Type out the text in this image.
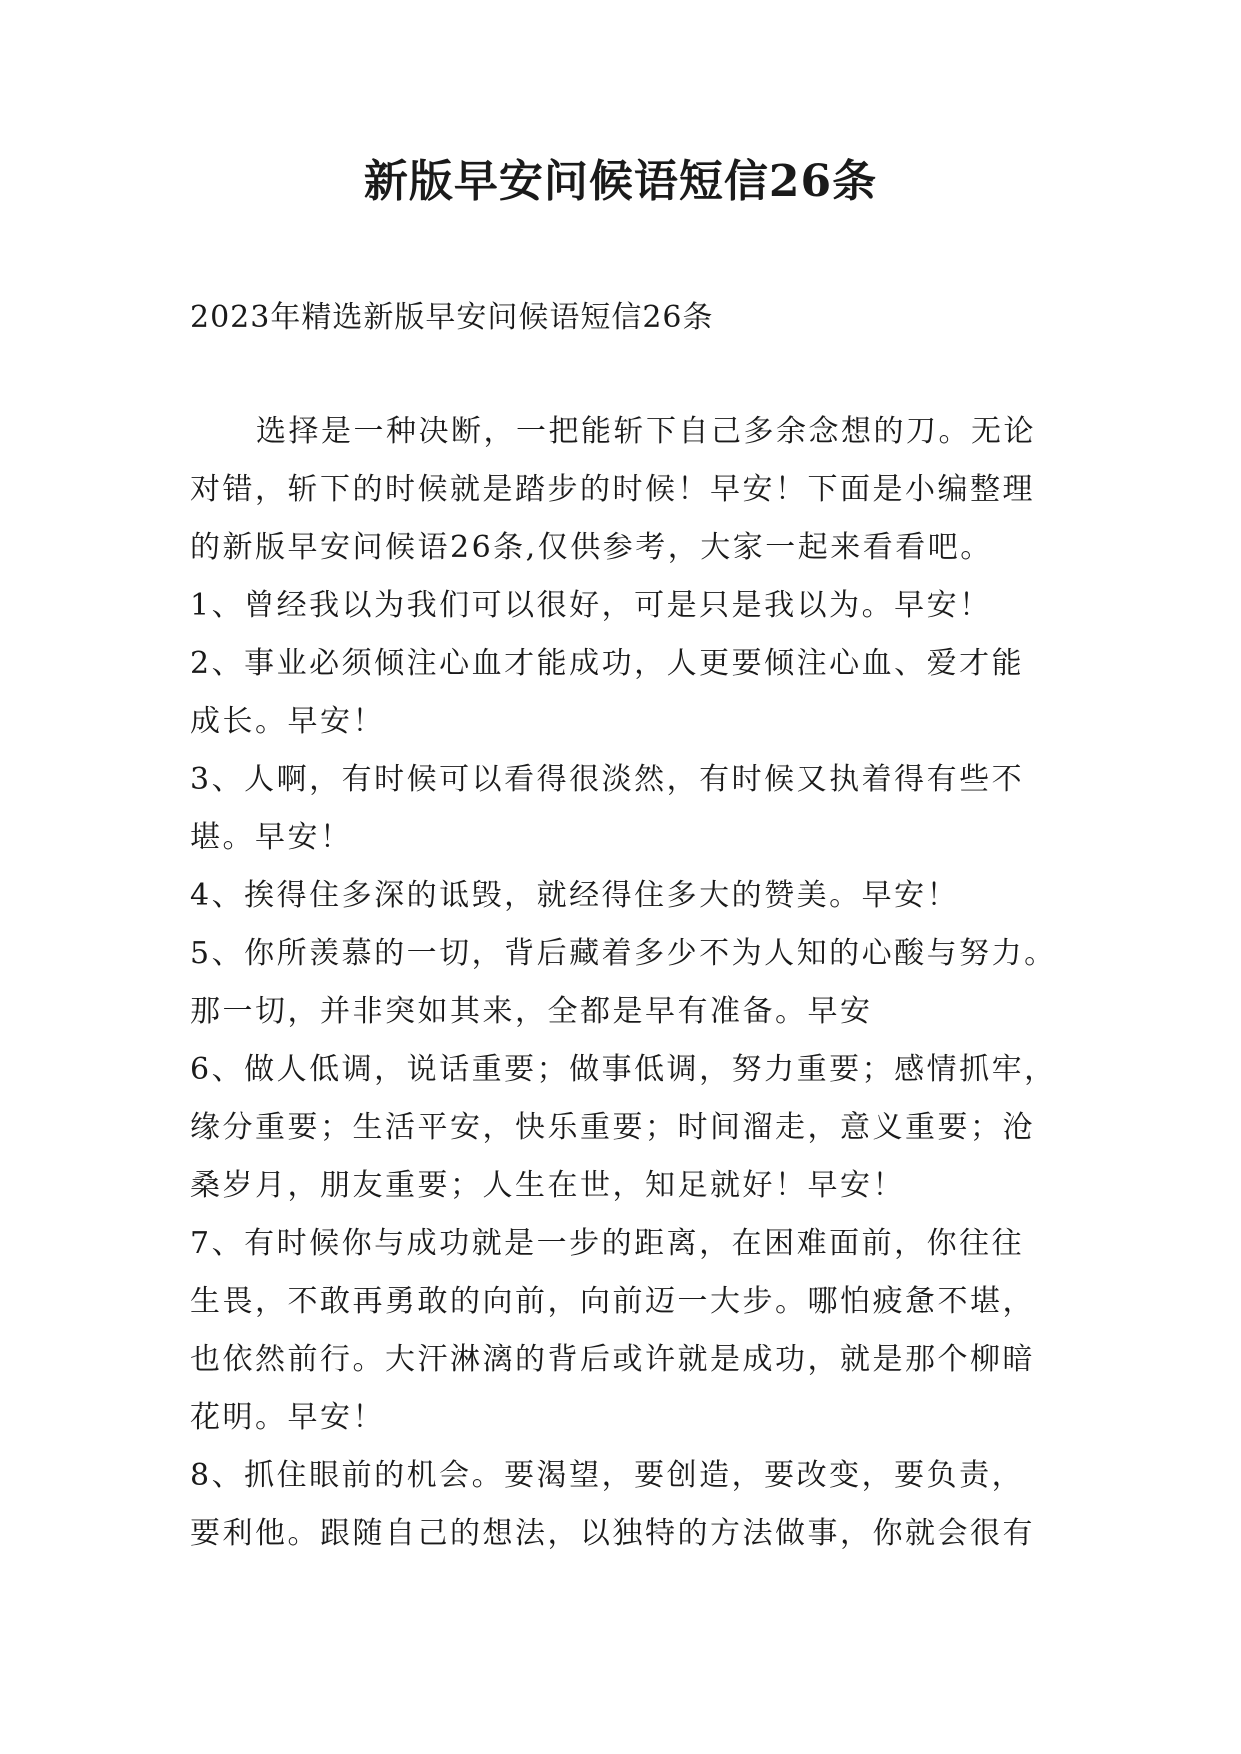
新版早安问候语短信26条

2023年精选新版早安问候语短信26条

选择是一种决断，一把能斩下自己多余念想的刀。无论
对错，斩下的时候就是踏步的时候！早安！下面是小编整理
的新版早安问候语26条,仅供参考，大家一起来看看吧。
1、曾经我以为我们可以很好，可是只是我以为。早安！
2、事业必须倾注心血才能成功，人更要倾注心血、爱才能
成长。早安！
3、人啊，有时候可以看得很淡然，有时候又执着得有些不
堪。早安！
4、挨得住多深的诋毁，就经得住多大的赞美。早安！
5、你所羡慕的一切，背后藏着多少不为人知的心酸与努力。
那一切，并非突如其来，全都是早有准备。早安
6、做人低调，说话重要；做事低调，努力重要；感情抓牢，
缘分重要；生活平安，快乐重要；时间溜走，意义重要；沧
桑岁月，朋友重要；人生在世，知足就好！早安！
7、有时候你与成功就是一步的距离，在困难面前，你往往
生畏，不敢再勇敢的向前，向前迈一大步。哪怕疲惫不堪，
也依然前行。大汗淋漓的背后或许就是成功，就是那个柳暗
花明。早安！
8、抓住眼前的机会。要渴望，要创造，要改变，要负责，
要利他。跟随自己的想法，以独特的方法做事，你就会很有
